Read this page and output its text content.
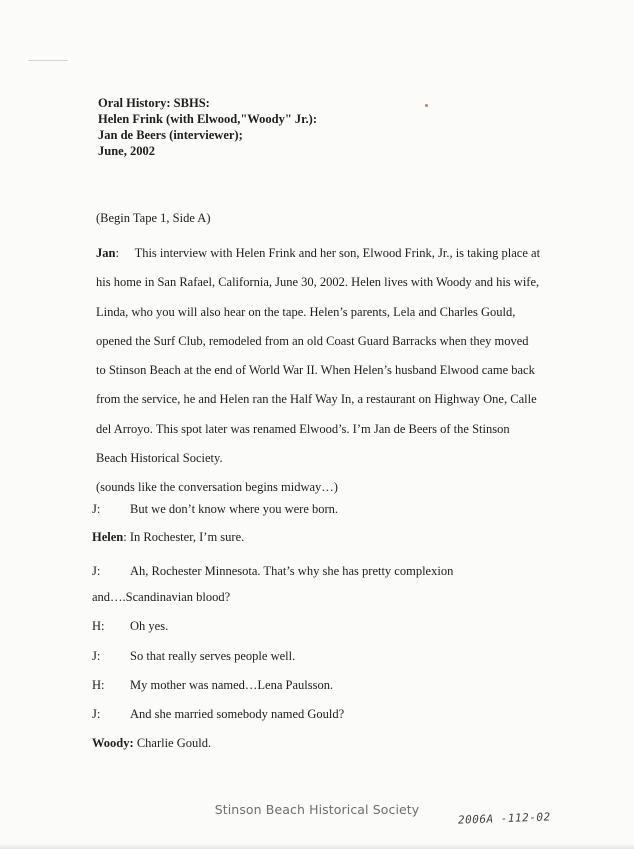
Oral History: SBHS:
Helen Frink (with Elwood,"Woody" Jr.):
Jan de Beers (interviewer);
June, 2002
(Begin Tape 1, Side A)
Jan: This interview with Helen Frink and her son, Elwood Frink, Jr., is taking place at
his home in San Rafael, California, June 30, 2002. Helen lives with Woody and his wife,
Linda, who you will also hear on the tape. Helen’s parents, Lela and Charles Gould,
opened the Surf Club, remodeled from an old Coast Guard Barracks when they moved
to Stinson Beach at the end of World War II. When Helen’s husband Elwood came back
from the service, he and Helen ran the Half Way In, a restaurant on Highway One, Calle
del Arroyo. This spot later was renamed Elwood’s. I’m Jan de Beers of the Stinson
Beach Historical Society.
(sounds like the conversation begins midway…)
J: But we don’t know where you were born.
Helen: In Rochester, I’m sure.
J: Ah, Rochester Minnesota. That’s why she has pretty complexion
and….Scandinavian blood?
H: Oh yes.
J: So that really serves people well.
H: My mother was named…Lena Paulsson.
J: And she married somebody named Gould?
Woody: Charlie Gould.
Stinson Beach Historical Society
2006A -112-02
